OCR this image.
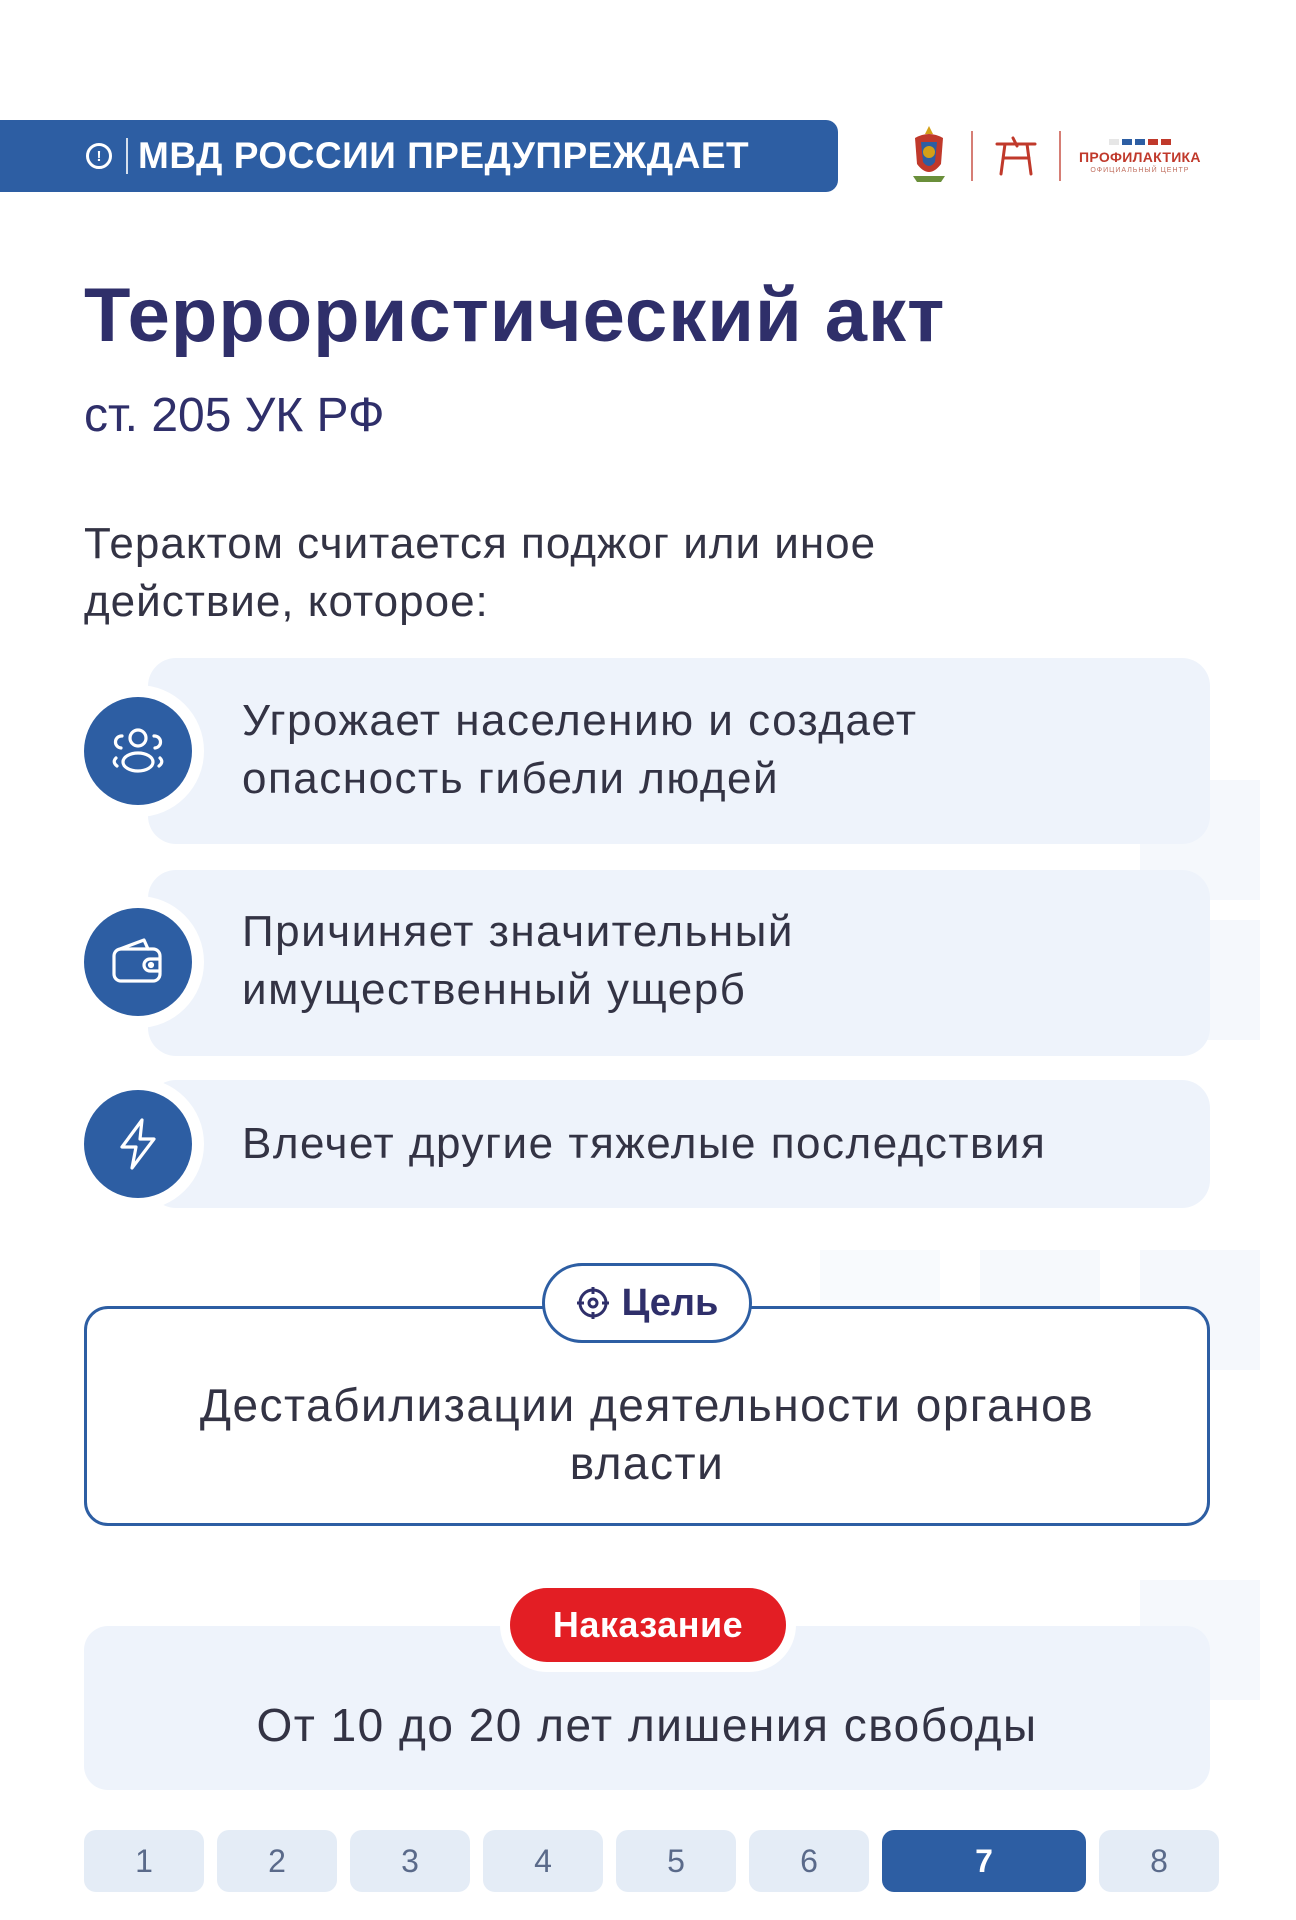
! МВД РОССИИ ПРЕДУПРЕЖДАЕТ	ПРОФИЛАКТИКА
ОФИЦИАЛЬНЫЙ ЦЕНТР
Террористический акт
ст. 205 УК РФ
Терактом считается поджог или иное действие, которое:
Угрожает населению и создает
опасность гибели людей
Причиняет значительный
имущественный ущерб
Влечет другие тяжелые последствия
Цель
Дестабилизации деятельности органов власти
Наказание
От 10 до 20 лет лишения свободы
1	2	3	4	5	6	7	8
